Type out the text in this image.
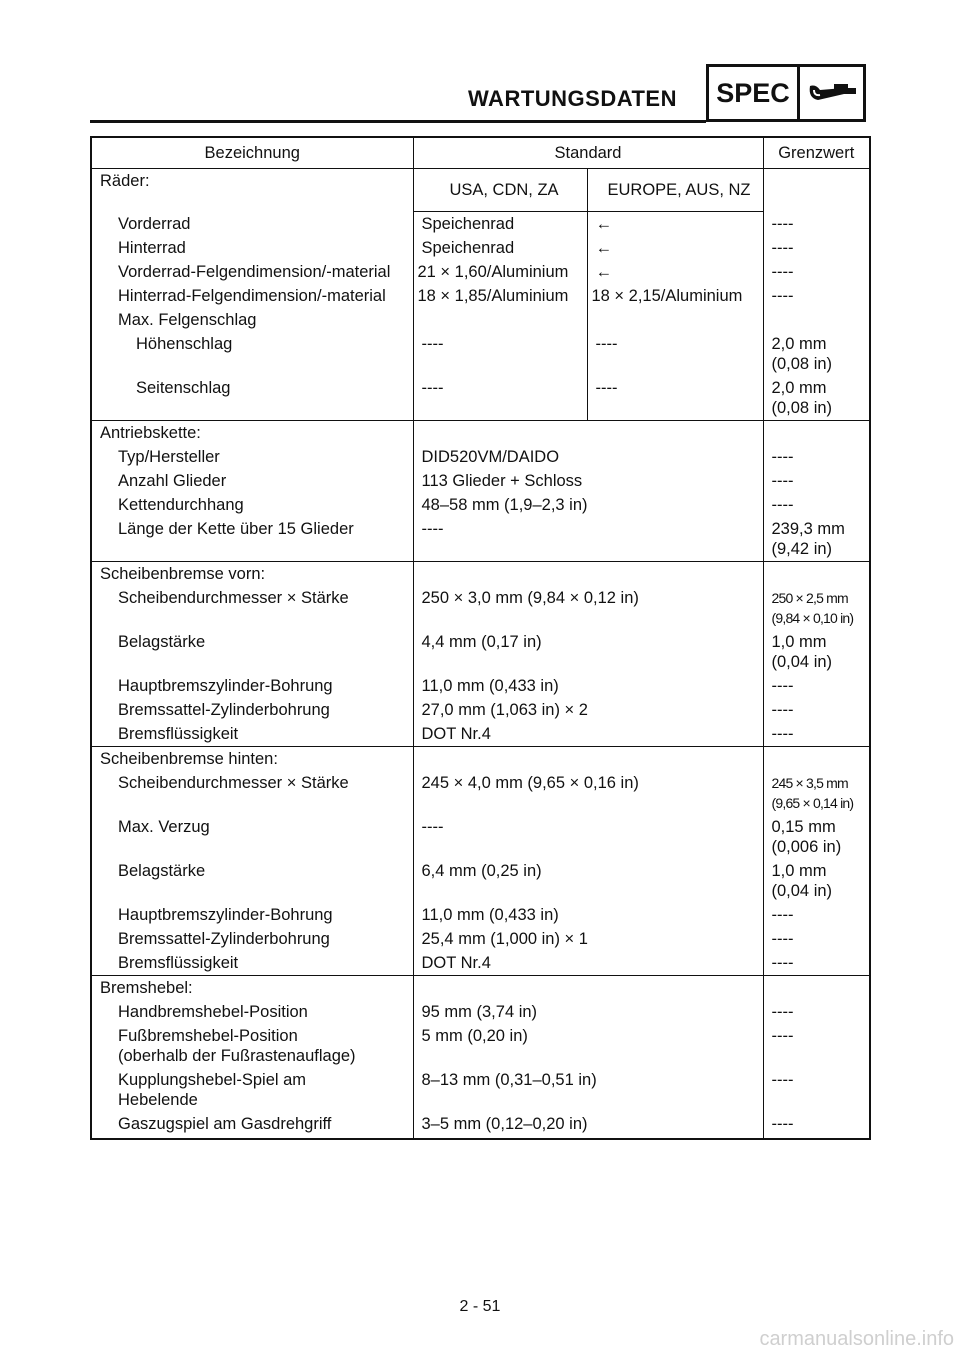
WARTUNGSDATEN SPEC
Bezeichnung	Standard		Grenzwert
Räder:	USA, CDN, ZA	EUROPE, AUS, NZ	
Vorderrad	Speichenrad	←	----
Hinterrad	Speichenrad	←	----
Vorderrad-Felgendimension/-material	21 × 1,60/Aluminium	←	----
Hinterrad-Felgendimension/-material	18 × 1,85/Aluminium	18 × 2,15/Aluminium	----
Max. Felgenschlag			
Höhenschlag	----	----	2,0 mm
(0,08 in)
Seitenschlag	----	----	2,0 mm
(0,08 in)
Antriebskette:			
Typ/Hersteller	DID520VM/DAIDO		----
Anzahl Glieder	113 Glieder + Schloss		----
Kettendurchhang	48–58 mm (1,9–2,3 in)		----
Länge der Kette über 15 Glieder	----		239,3 mm
(9,42 in)
Scheibenbremse vorn:			
Scheibendurchmesser × Stärke	250 × 3,0 mm (9,84 × 0,12 in)		250 × 2,5 mm
(9,84 × 0,10 in)
Belagstärke	4,4 mm (0,17 in)		1,0 mm
(0,04 in)
Hauptbremszylinder-Bohrung	11,0 mm (0,433 in)		----
Bremssattel-Zylinderbohrung	27,0 mm (1,063 in) × 2		----
Bremsflüssigkeit	DOT Nr.4		----
Scheibenbremse hinten:			
Scheibendurchmesser × Stärke	245 × 4,0 mm (9,65 × 0,16 in)		245 × 3,5 mm
(9,65 × 0,14 in)
Max. Verzug	----		0,15 mm
(0,006 in)
Belagstärke	6,4 mm (0,25 in)		1,0 mm
(0,04 in)
Hauptbremszylinder-Bohrung	11,0 mm (0,433 in)		----
Bremssattel-Zylinderbohrung	25,4 mm (1,000 in) × 1		----
Bremsflüssigkeit	DOT Nr.4		----
Bremshebel:			
Handbremshebel-Position	95 mm (3,74 in)		----
Fußbremshebel-Position
(oberhalb der Fußrastenauflage)	5 mm (0,20 in)		----
Kupplungshebel-Spiel am
Hebelende	8–13 mm (0,31–0,51 in)		----
Gaszugspiel am Gasdrehgriff	3–5 mm (0,12–0,20 in)		----
2 - 51
carmanualsonline.info
